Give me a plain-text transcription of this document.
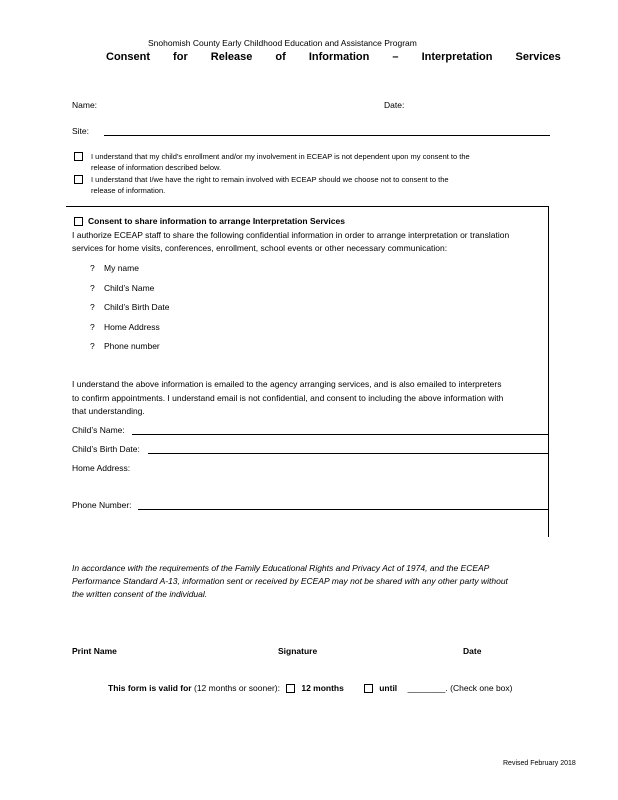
Snohomish County Early Childhood Education and Assistance Program
Consent for Release of Information – Interpretation Services
Name:	Date:
Site:
I understand that my child’s enrollment and/or my involvement in ECEAP is not dependent upon my consent to the
release of information described below.
I understand that I/we have the right to remain involved with ECEAP should we choose not to consent to the
release of information.
Consent to share information to arrange Interpretation Services
I authorize ECEAP staff to share the following confidential information in order to arrange interpretation or translation
services for home visits, conferences, enrollment, school events or other necessary communication:
? My name
? Child’s Name
? Child’s Birth Date
? Home Address
? Phone number
I understand the above information is emailed to the agency arranging services, and is also emailed to interpreters
to confirm appointments. I understand email is not confidential, and consent to including the above information with
that understanding.
Child’s Name:
Child’s Birth Date:
Home Address:
Phone Number:
In accordance with the requirements of the Family Educational Rights and Privacy Act of 1974, and the ECEAP
Performance Standard A-13, information sent or received by ECEAP may not be shared with any other party without
the written consent of the individual.
Print Name	Signature	Date
This form is valid for (12 months or sooner):	12 months	until ________. (Check one box)
Revised February 2018
